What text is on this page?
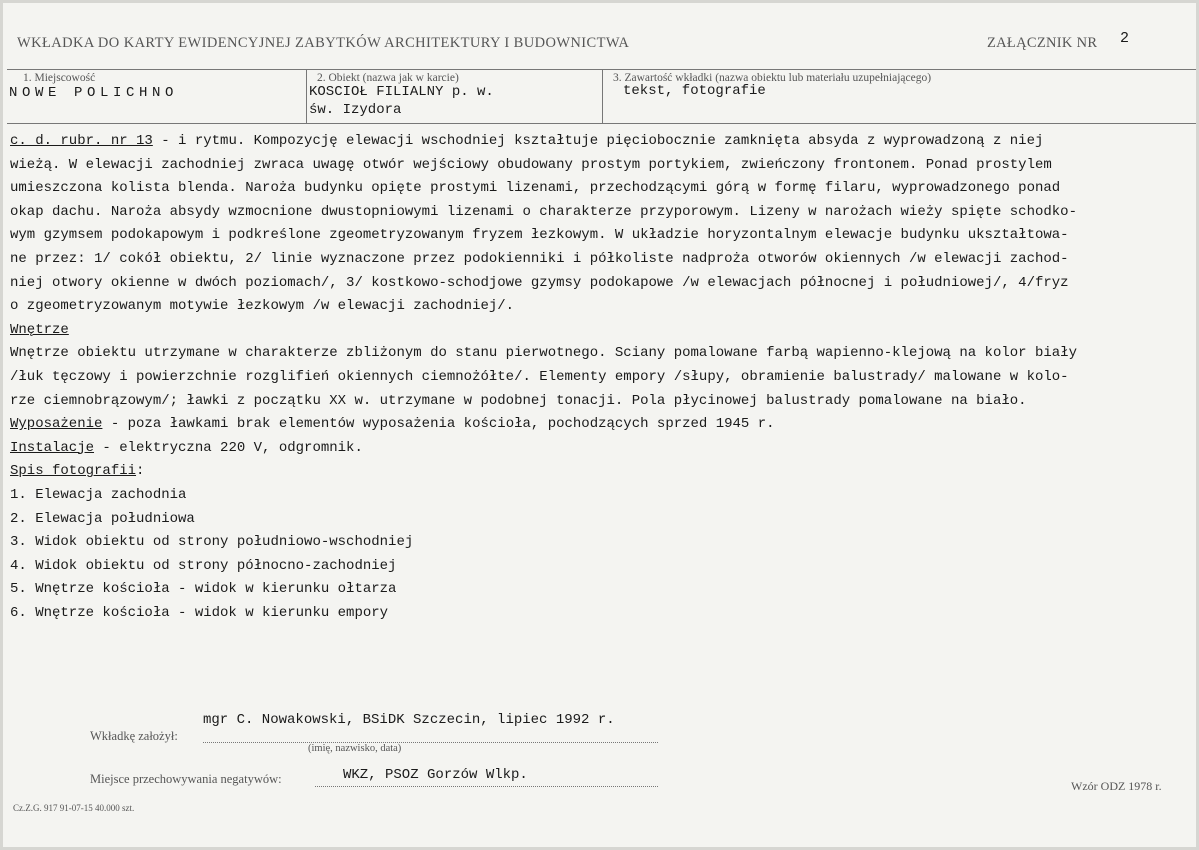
WKŁADKA DO KARTY EWIDENCYJNEJ ZABYTKÓW ARCHITEKTURY I BUDOWNICTWA	ZAŁĄCZNIK NR 2
1. Miejscowość
NOWE POLICHNO
2. Obiekt (nazwa jak w karcie)
KOSCIOŁ FILIALNY p. w.
św. Izydora
3. Zawartość wkładki (nazwa obiektu lub materiału uzupełniającego)
tekst, fotografie
c. d. rubr. nr 13 - i rytmu. Kompozycję elewacji wschodniej kształtuje pięciobocznie zamknięta absyda z wyprowadzoną z niej
wieżą. W elewacji zachodniej zwraca uwagę otwór wejściowy obudowany prostym portykiem, zwieńczony frontonem. Ponad prostylem
umieszczona kolista blenda. Naroża budynku opięte prostymi lizenami, przechodzącymi górą w formę filaru, wyprowadzonego ponad
okap dachu. Naroża absydy wzmocnione dwustopniowymi lizenami o charakterze przyporowym. Lizeny w narożach wieży spięte schodko-
wym gzymsem podokapowym i podkreślone zgeometryzowanym fryzem łezkowym. W układzie horyzontalnym elewacje budynku ukształtowa-
ne przez: 1/ cokół obiektu, 2/ linie wyznaczone przez podokienniki i półkoliste nadproża otworów okiennych /w elewacji zachod-
niej otwory okienne w dwóch poziomach/, 3/ kostkowo-schodjowe gzymsy podokapowe /w elewacjach północnej i południowej/, 4/fryz
o zgeometryzowanym motywie łezkowym /w elewacji zachodniej/.
Wnętrze
Wnętrze obiektu utrzymane w charakterze zbliżonym do stanu pierwotnego. Sciany pomalowane farbą wapienno-klejową na kolor biały
/łuk tęczowy i powierzchnie rozglifień okiennych ciemnożółte/. Elementy empory /słupy, obramienie balustrady/ malowane w kolo-
rze ciemnobrązowym/; ławki z początku XX w. utrzymane w podobnej tonacji. Pola płycinowej balustrady pomalowane na biało.
Wyposażenie - poza ławkami brak elementów wyposażenia kościoła, pochodzących sprzed 1945 r.
Instalacje - elektryczna 220 V, odgromnik.
Spis fotografii:
1. Elewacja zachodnia
2. Elewacja południowa
3. Widok obiektu od strony południowo-wschodniej
4. Widok obiektu od strony północno-zachodniej
5. Wnętrze kościoła - widok w kierunku ołtarza
6. Wnętrze kościoła - widok w kierunku empory
Wkładkę założył:
mgr C. Nowakowski, BSiDK Szczecin, lipiec 1992 r.
(imię, nazwisko, data)
Miejsce przechowywania negatywów:	WKZ, PSOZ Gorzów Wlkp.
Wzór ODZ 1978 r.
Cz.Z.G. 917 91-07-15 40.000 szt.
